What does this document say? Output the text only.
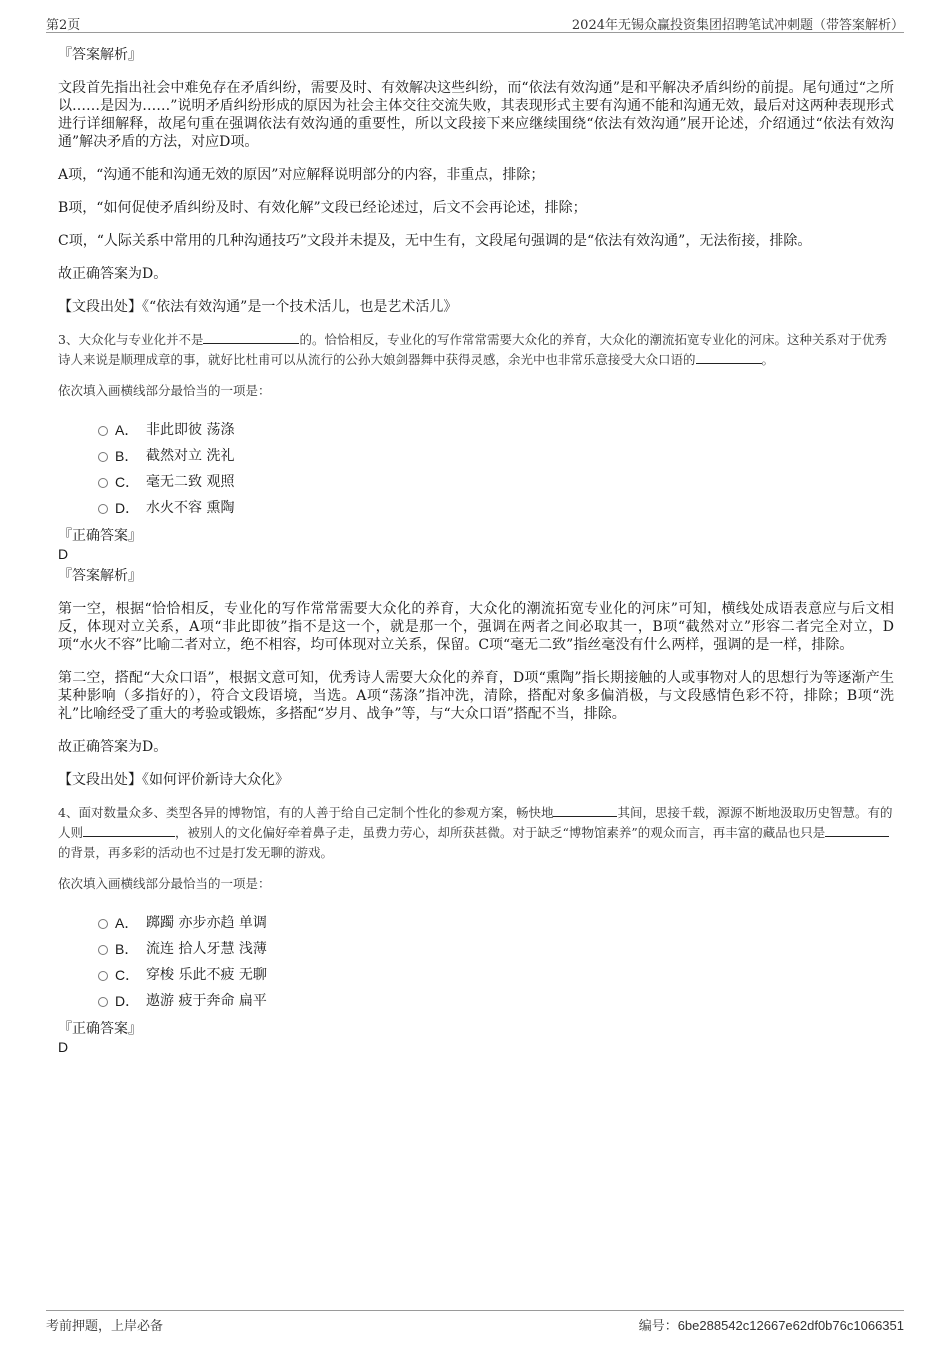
第2页	2024年无锡众赢投资集团招聘笔试冲刺题（带答案解析）

『答案解析』

文段首先指出社会中难免存在矛盾纠纷，需要及时、有效解决这些纠纷，而“依法有效沟通”是和平解决矛盾纠纷的前提。尾句通过“之所以……是因为……”说明矛盾纠纷形成的原因为社会主体交往交流失败，其表现形式主要有沟通不能和沟通无效，最后对这两种表现形式进行详细解释，故尾句重在强调依法有效沟通的重要性，所以文段接下来应继续围绕“依法有效沟通”展开论述，介绍通过“依法有效沟通”解决矛盾的方法，对应D项。

A项，“沟通不能和沟通无效的原因”对应解释说明部分的内容，非重点，排除；

B项，“如何促使矛盾纠纷及时、有效化解”文段已经论述过，后文不会再论述，排除；

C项，“人际关系中常用的几种沟通技巧”文段并未提及，无中生有，文段尾句强调的是“依法有效沟通”，无法衔接，排除。

故正确答案为D。

【文段出处】《“依法有效沟通”是一个技术活儿，也是艺术活儿》

3、大众化与专业化并不是	的。恰恰相反，专业化的写作常常需要大众化的养育，大众化的潮流拓宽专业化的河床。这种关系对于优秀诗人来说是顺理成章的事，就好比杜甫可以从流行的公孙大娘剑器舞中获得灵感，余光中也非常乐意接受大众口语的	。

依次填入画横线部分最恰当的一项是：

A． 非此即彼 荡涤
B． 截然对立 洗礼
C． 毫无二致 观照
D． 水火不容 熏陶

『正确答案』

D

『答案解析』

第一空，根据“恰恰相反，专业化的写作常常需要大众化的养育，大众化的潮流拓宽专业化的河床”可知，横线处成语表意应与后文相反，体现对立关系，A项“非此即彼”指不是这一个，就是那一个，强调在两者之间必取其一，B项“截然对立”形容二者完全对立，D项“水火不容”比喻二者对立，绝不相容，均可体现对立关系，保留。C项“毫无二致”指丝毫没有什么两样，强调的是一样，排除。

第二空，搭配“大众口语”，根据文意可知，优秀诗人需要大众化的养育，D项“熏陶”指长期接触的人或事物对人的思想行为等逐渐产生某种影响（多指好的），符合文段语境，当选。A项“荡涤”指冲洗，清除，搭配对象多偏消极，与文段感情色彩不符，排除；B项“洗礼”比喻经受了重大的考验或锻炼，多搭配“岁月、战争”等，与“大众口语”搭配不当，排除。

故正确答案为D。

【文段出处】《如何评价新诗大众化》

4、面对数量众多、类型各异的博物馆，有的人善于给自己定制个性化的参观方案，畅快地	其间，思接千载，源源不断地汲取历史智慧。有的人则	，被别人的文化偏好牵着鼻子走，虽费力劳心，却所获甚微。对于缺乏“博物馆素养”的观众而言，再丰富的藏品也只是的背景，再多彩的活动也不过是打发无聊的游戏。

依次填入画横线部分最恰当的一项是：

A． 踯躅 亦步亦趋 单调
B． 流连 拾人牙慧 浅薄
C． 穿梭 乐此不疲 无聊
D． 遨游 疲于奔命 扁平

『正确答案』

D

考前押题，上岸必备	编号：6be288542c12667e62df0b76c1066351
